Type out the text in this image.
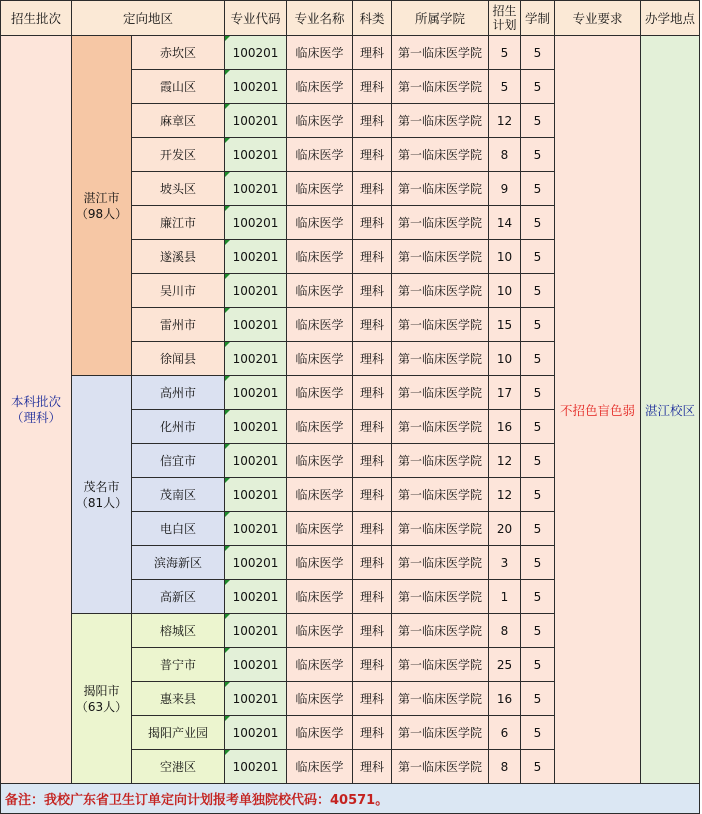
招生批次	定向地区		专业代码	专业名称	科类	所属学院	招生计划	学制	专业要求	办学地点
本科批次
（理科）	湛江市
（98人）	赤坎区	100201	临床医学	理科	第一临床医学院	5	5	不招色盲色弱	湛江校区
		霞山区	100201	临床医学	理科	第一临床医学院	5	5		
		麻章区	100201	临床医学	理科	第一临床医学院	12	5		
		开发区	100201	临床医学	理科	第一临床医学院	8	5		
		坡头区	100201	临床医学	理科	第一临床医学院	9	5		
		廉江市	100201	临床医学	理科	第一临床医学院	14	5		
		遂溪县	100201	临床医学	理科	第一临床医学院	10	5		
		吴川市	100201	临床医学	理科	第一临床医学院	10	5		
		雷州市	100201	临床医学	理科	第一临床医学院	15	5		
		徐闻县	100201	临床医学	理科	第一临床医学院	10	5		
	茂名市
（81人）	高州市	100201	临床医学	理科	第一临床医学院	17	5		
		化州市	100201	临床医学	理科	第一临床医学院	16	5		
		信宜市	100201	临床医学	理科	第一临床医学院	12	5		
		茂南区	100201	临床医学	理科	第一临床医学院	12	5		
		电白区	100201	临床医学	理科	第一临床医学院	20	5		
		滨海新区	100201	临床医学	理科	第一临床医学院	3	5		
		高新区	100201	临床医学	理科	第一临床医学院	1	5		
	揭阳市
（63人）	榕城区	100201	临床医学	理科	第一临床医学院	8	5		
		普宁市	100201	临床医学	理科	第一临床医学院	25	5		
		惠来县	100201	临床医学	理科	第一临床医学院	16	5		
		揭阳产业园	100201	临床医学	理科	第一临床医学院	6	5		
		空港区	100201	临床医学	理科	第一临床医学院	8	5		
备注：我校广东省卫生订单定向计划报考单独院校代码：40571。										
